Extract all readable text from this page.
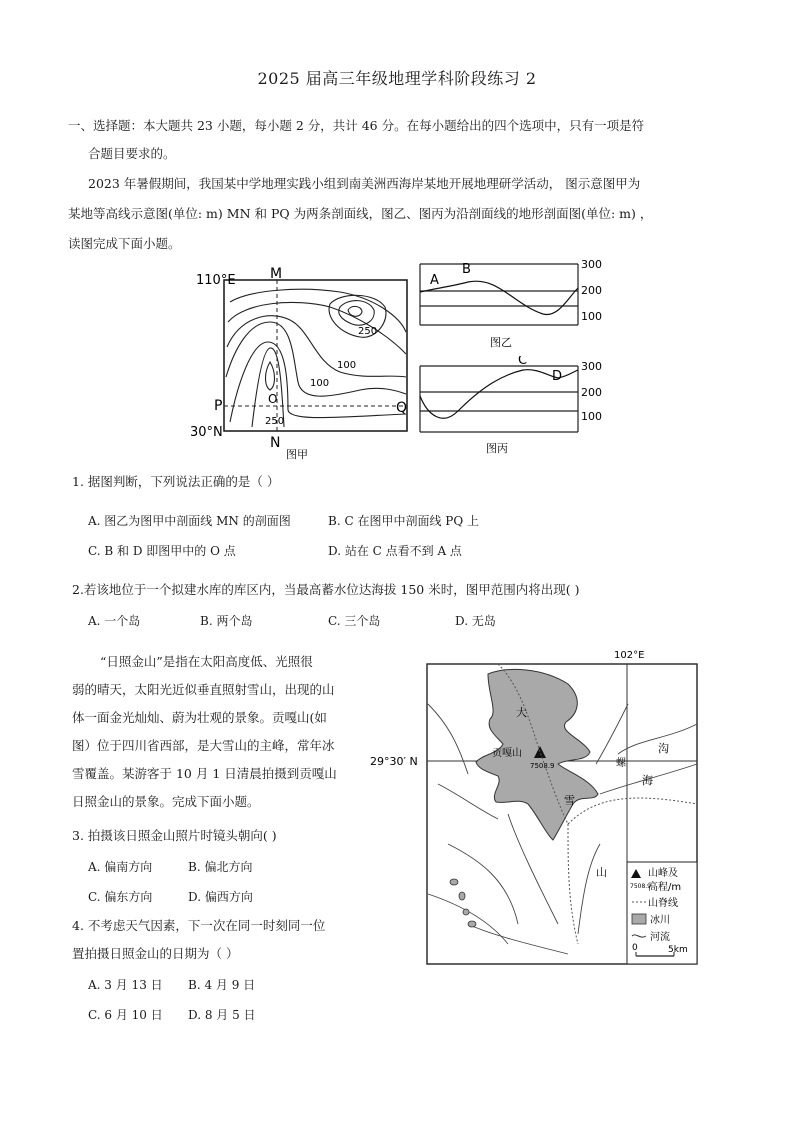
2025 届高三年级地理学科阶段练习 2
一、选择题：本大题共 23 小题，每小题 2 分，共计 46 分。在每小题给出的四个选项中，只有一项是符
合题目要求的。
2023 年暑假期间，我国某中学地理实践小组到南美洲西海岸某地开展地理研学活动， 图示意图甲为
某地等高线示意图(单位: m) MN 和 PQ 为两条剖面线，图乙、图丙为沿剖面线的地形剖面图(单位: m) ，
读图完成下面小题。
110°E
30°N
M
N
P	Q
O
图甲
250
100
100
250
300
200
100
A
B
图乙
300
200
100
C
D
图丙
1. 据图判断，下列说法正确的是（ ）
A. 图乙为图甲中剖面线 MN 的剖面图	B. C 在图甲中剖面线 PQ 上
C. B 和 D 即图甲中的 O 点	D. 站在 C 点看不到 A 点
2.若该地位于一个拟建水库的库区内，当最高蓄水位达海拔 150 米时，图甲范围内将出现( )
A. 一个岛	B. 两个岛	C. 三个岛	D. 无岛
“日照金山”是指在太阳高度低、光照很
弱的晴天，太阳光近似垂直照射雪山，出现的山
体一面金光灿灿、蔚为壮观的景象。贡嘎山(如
图）位于四川省西部，是大雪山的主峰，常年冰
雪覆盖。某游客于 10 月 1 日清晨拍摄到贡嘎山
日照金山的景象。完成下面小题。
3. 拍摄该日照金山照片时镜头朝向( )
A. 偏南方向	B. 偏北方向
C. 偏东方向	D. 偏西方向
4. 不考虑天气因素，下一次在同一时刻同一位
置拍摄日照金山的日期为（ ）
A. 3 月 13 日 B. 4 月 9 日
C. 6 月 10 日 D. 8 月 5 日
102°E
29°30′ N
贡嘎山
7508.9
大
雪
山
沟
海
螺
山峰及
高程/m
7508.9
山脊线
冰川
河流
0	5km
